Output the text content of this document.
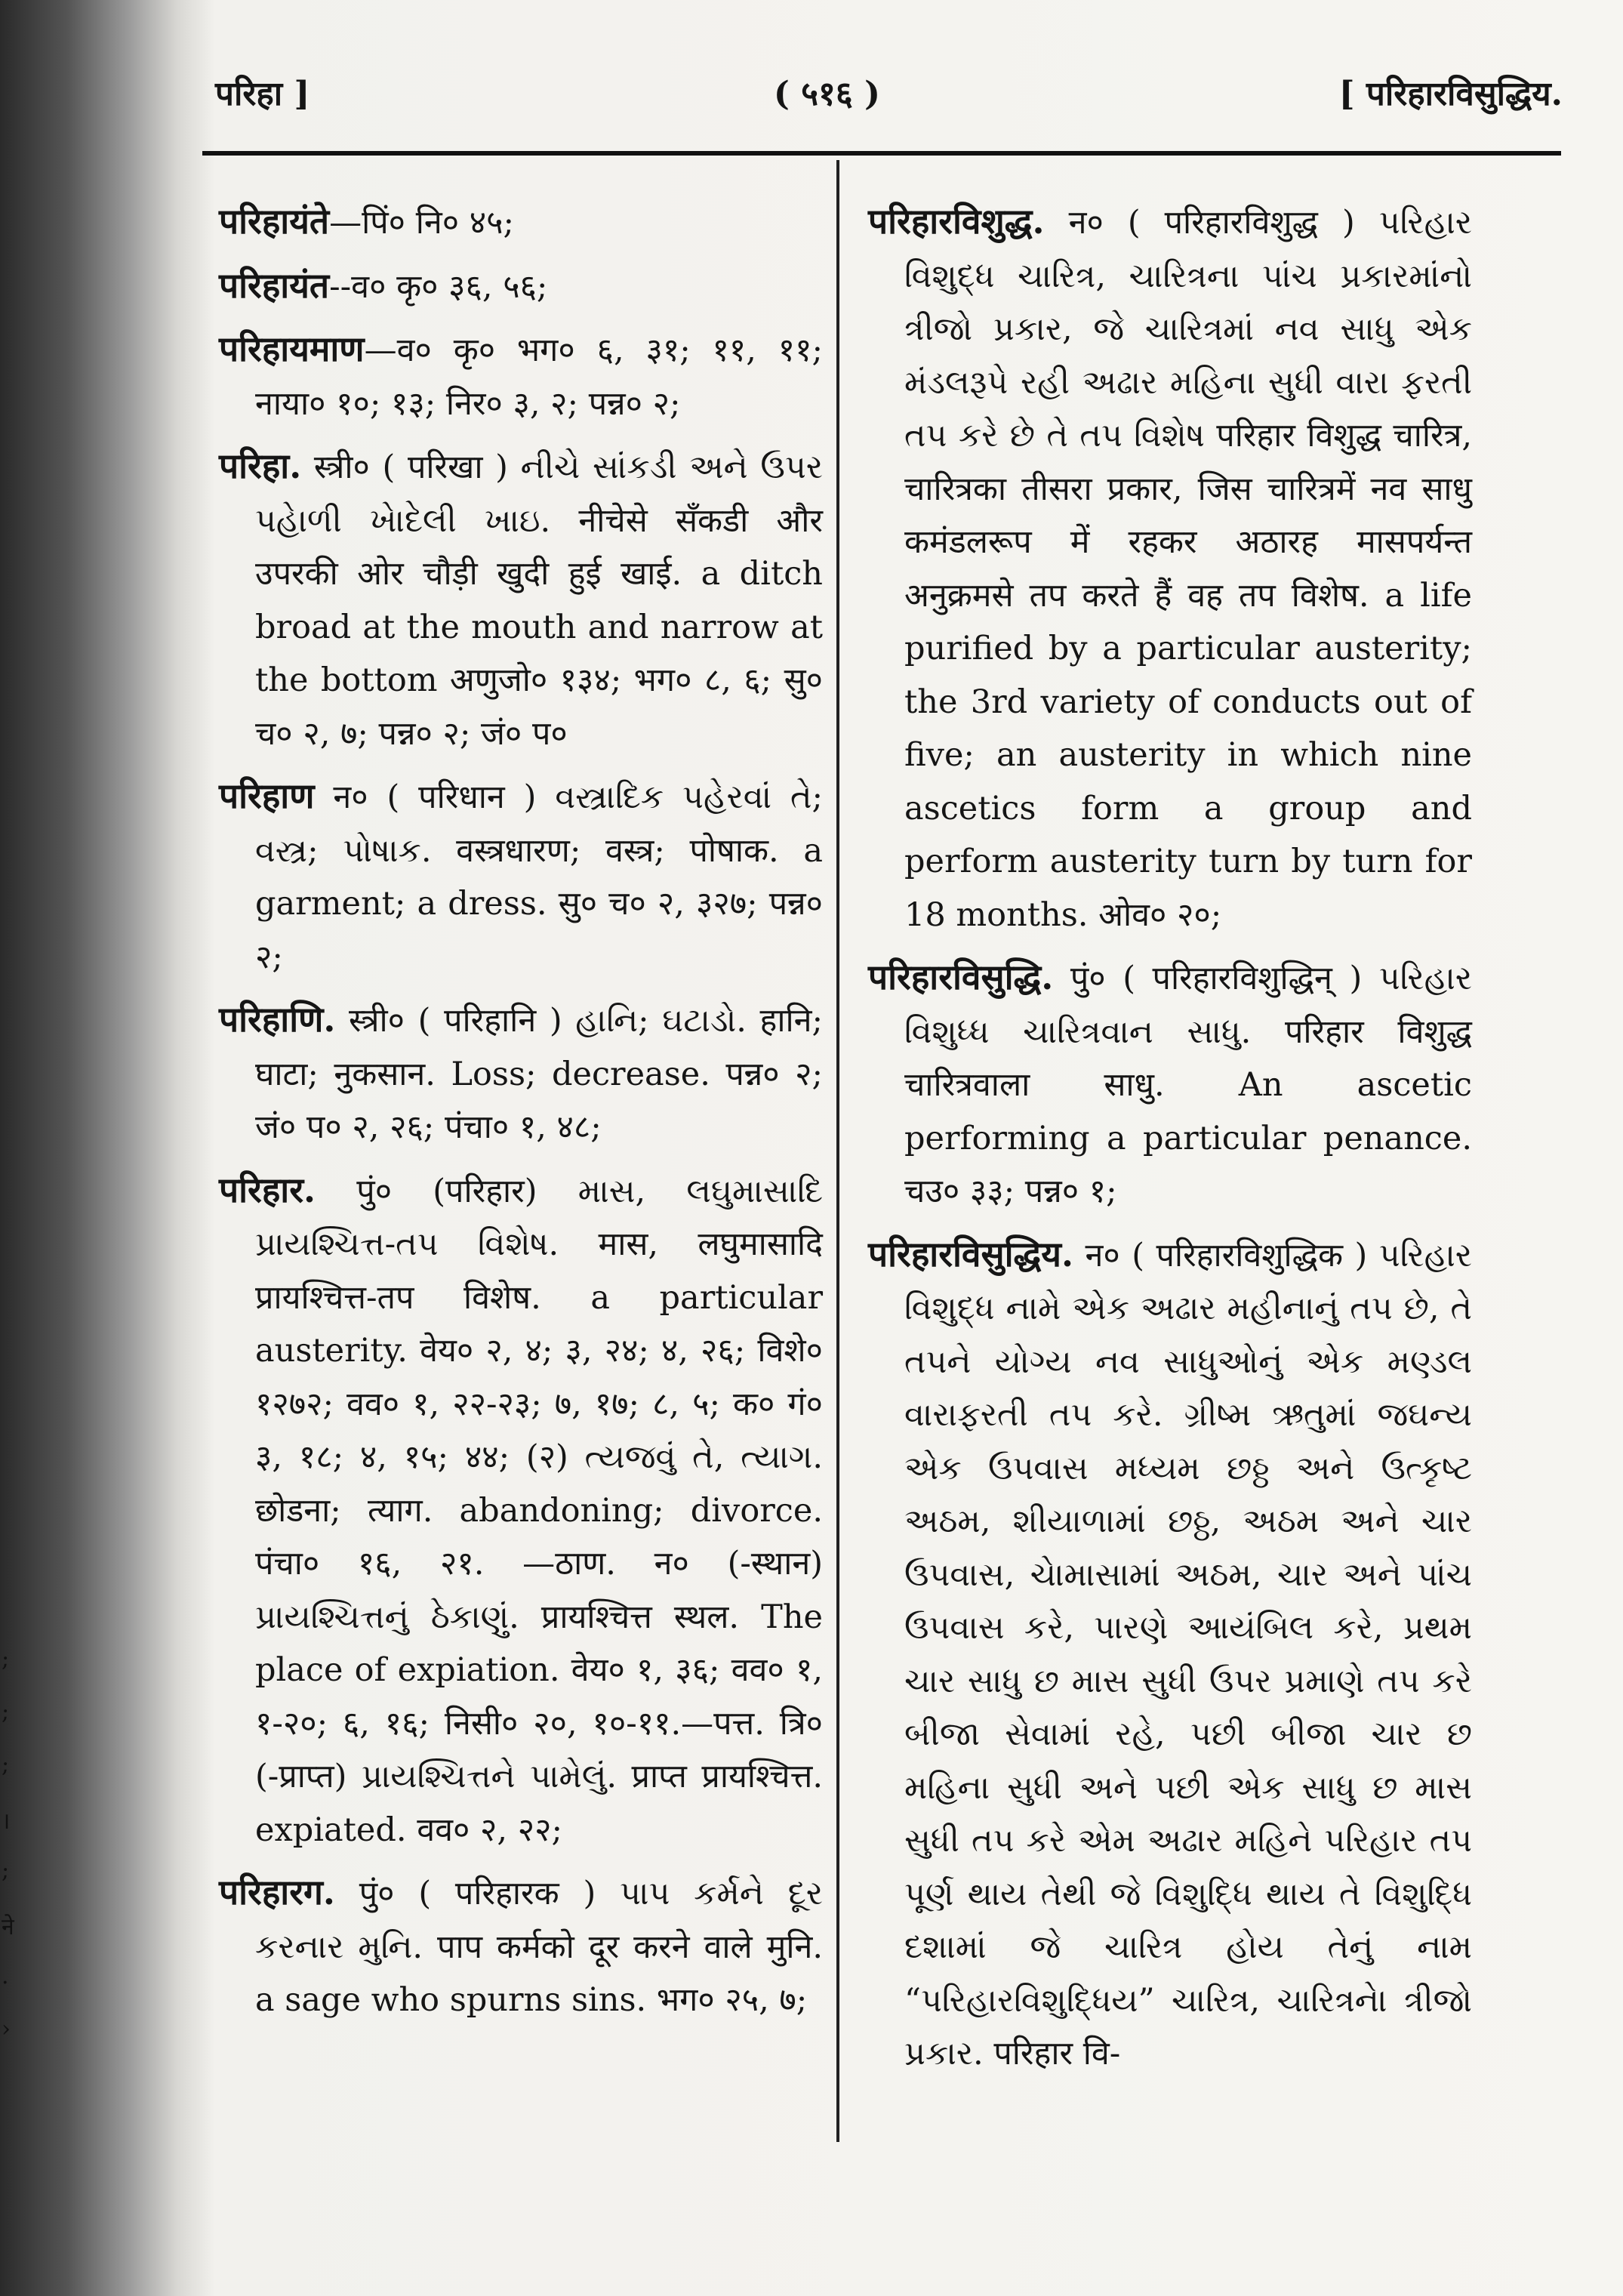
;
;
;
।
;
ने
.
›
परिहा ]	( ५१६ )	[ परिहारविसुद्धिय.

परिहायंते—पिं० नि० ४५;

परिहायंत--व० कृ० ३६, ५६;

परिहायमाण—व० कृ० भग० ६, ३१; ११, ११; नाया० १०; १३; निर० ३, २; पन्न० २;

परिहा. स्त्री० ( परिखा ) નીચે સાંકડી અને ઉપર પહેાળી ખેાદેલી ખાઇ. नीचेसे सँकडी और उपरकी ओर चौड़ी खुदी हुई खाई. a ditch broad at the mouth and narrow at the bottom अणुजो० १३४; भग० ८, ६; सु० च० २, ७; पन्न० २; जं० प०

परिहाण न० ( परिधान ) વસ્ત્રાદિક પહેરવાં તે; વસ્ત્ર; પોષાક. वस्त्रधारण; वस्त्र; पोषाक. a garment; a dress. सु० च० २, ३२७; पन्न० २;

परिहाणि. स्त्री० ( परिहानि ) હાનિ; ઘટાડો. हानि; घाटा; नुकसान. Loss; decrease. पन्न० २; जं० प० २, २६; पंचा० १, ४८;

परिहार. पुं० (परिहार) માસ, લઘુમાસાદિ પ્રાયશ્ચિત્ત-તપ વિશેષ. मास, लघुमासादि प्रायश्चित्त-तप विशेष. a particular austerity. वेय० २, ४; ३, २४; ४, २६; विशे० १२७२; वव० १, २२-२३; ७, १७; ८, ५; क० गं० ३, १८; ४, १५; ४४; (२) ત્યજવું તે, ત્યાગ. छोडना; त्याग. abandoning; divorce. पंचा० १६, २१. —ठाण. न० (-स्थान) પ્રાયશ્ચિત્તનું ઠેકાણું. प्रायश्चित्त स्थल. The place of expiation. वेय० १, ३६; वव० १, १-२०; ६, १६; निसी० २०, १०-११.—पत्त. त्रि० (-प्राप्त) પ્રાયશ્ચિત્તને પામેલું. प्राप्त प्रायश्चित्त. expiated. वव० २, २२;

परिहारग. पुं० ( परिहारक ) પાપ કર્મને દૂર કરનાર મુનિ. पाप कर्मको दूर करने वाले मुनि. a sage who spurns sins. भग० २५, ७;

परिहारविशुद्ध. न० ( परिहारविशुद्ध ) પરિહાર વિશુદ્ધ ચારિત્ર, ચારિત્રના પાંચ પ્રકારમાંનો ત્રીજો પ્રકાર, જે ચારિત્રમાં નવ સાધુ એક મંડલરૂપે રહી અઢાર મહિના સુધી વારા ફરતી તપ કરે છે તે તપ વિશેષ परिहार विशुद्ध चारित्र, चारित्रका तीसरा प्रकार, जिस चारित्रमें नव साधु कमंडलरूप में रहकर अठारह मासपर्यन्त अनुक्रमसे तप करते हैं वह तप विशेष. a life purified by a particular austerity; the 3rd variety of conducts out of five; an austerity in which nine ascetics form a group and perform austerity turn by turn for 18 months. ओव० २०;

परिहारविसुद्धि. पुं० ( परिहारविशुद्धिन् ) પરિહાર વિશુધ્ધ ચારિત્રવાન સાધુ. परिहार विशुद्ध चारित्रवाला साधु. An ascetic performing a particular penance. चउ० ३३; पन्न० १;

परिहारविसुद्धिय. न० ( परिहारविशुद्धिक ) પરિહાર વિશુદ્ધ નામે એક અઢાર મહીનાનું તપ છે, તે તપને યોગ્ય નવ સાધુઓનું એક મણ્ડલ વારાફરતી તપ કરે. ગ્રીષ્મ ઋતુમાં જઘન્ય એક ઉપવાસ મધ્યમ છઠ્ઠ અને ઉત્કૃષ્ટ અઠમ, શીયાળામાં છઠ્ઠ, અઠમ અને ચાર ઉપવાસ, ચેામાસામાં અઠમ, ચાર અને પાંચ ઉપવાસ કરે, પારણે આયંબિલ કરે, પ્રથમ ચાર સાધુ છ માસ સુધી ઉપર પ્રમાણે તપ કરે બીજા સેવામાં રહે, પછી બીજા ચાર છ મહિના સુધી અને પછી એક સાધુ છ માસ સુધી તપ કરે એમ અઢાર મહિને પરિહાર તપ પૂર્ણ થાય તેથી જે વિશુદ્ધિ થાય તે વિશુદ્ધિ દશામાં જે ચારિત્ર હોય તેનું નામ “પરિહારવિશુદ્ધિય” ચારિત્ર, ચારિત્રનેા ત્રીજો પ્રકાર. परिहार वि-
